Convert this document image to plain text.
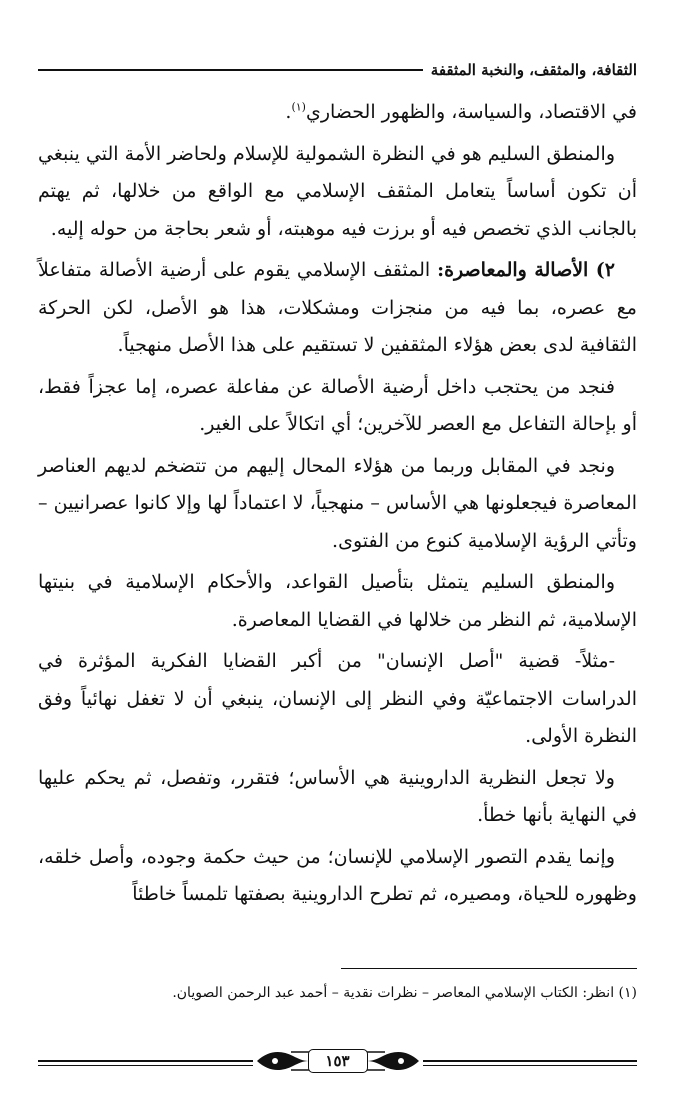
الثقافة، والمثقف، والنخبة المثقفة

في الاقتصاد، والسياسة، والظهور الحضاري$^{(١)}$.

والمنطق السليم هو في النظرة الشمولية للإسلام ولحاضر الأمة التي ينبغي أن تكون أساساً يتعامل المثقف الإسلامي مع الواقع من خلالها، ثم يهتم بالجانب الذي تخصص فيه أو برزت فيه موهبته، أو شعر بحاجة من حوله إليه.

٢) الأصالة والمعاصرة: المثقف الإسلامي يقوم على أرضية الأصالة متفاعلاً مع عصره، بما فيه من منجزات ومشكلات، هذا هو الأصل، لكن الحركة الثقافية لدى بعض هؤلاء المثقفين لا تستقيم على هذا الأصل منهجياً.

فنجد من يحتجب داخل أرضية الأصالة عن مفاعلة عصره، إما عجزاً فقط، أو بإحالة التفاعل مع العصر للآخرين؛ أي اتكالاً على الغير.

ونجد في المقابل وربما من هؤلاء المحال إليهم من تتضخم لديهم العناصر المعاصرة فيجعلونها هي الأساس – منهجياً، لا اعتماداً لها وإلا كانوا عصرانيين – وتأتي الرؤية الإسلامية كنوع من الفتوى.

والمنطق السليم يتمثل بتأصيل القواعد، والأحكام الإسلامية في بنيتها الإسلامية، ثم النظر من خلالها في القضايا المعاصرة.

-مثلاً- قضية "أصل الإنسان" من أكبر القضايا الفكرية المؤثرة في الدراسات الاجتماعيّة وفي النظر إلى الإنسان، ينبغي أن لا تغفل نهائياً وفق النظرة الأولى.

ولا تجعل النظرية الداروينية هي الأساس؛ فتقرر، وتفصل، ثم يحكم عليها في النهاية بأنها خطأ.

وإنما يقدم التصور الإسلامي للإنسان؛ من حيث حكمة وجوده، وأصل خلقه، وظهوره للحياة، ومصيره، ثم تطرح الداروينية بصفتها تلمساً خاطئاً

(١) انظر: الكتاب الإسلامي المعاصر – نظرات نقدية – أحمد عبد الرحمن الصويان.
١٥٣
